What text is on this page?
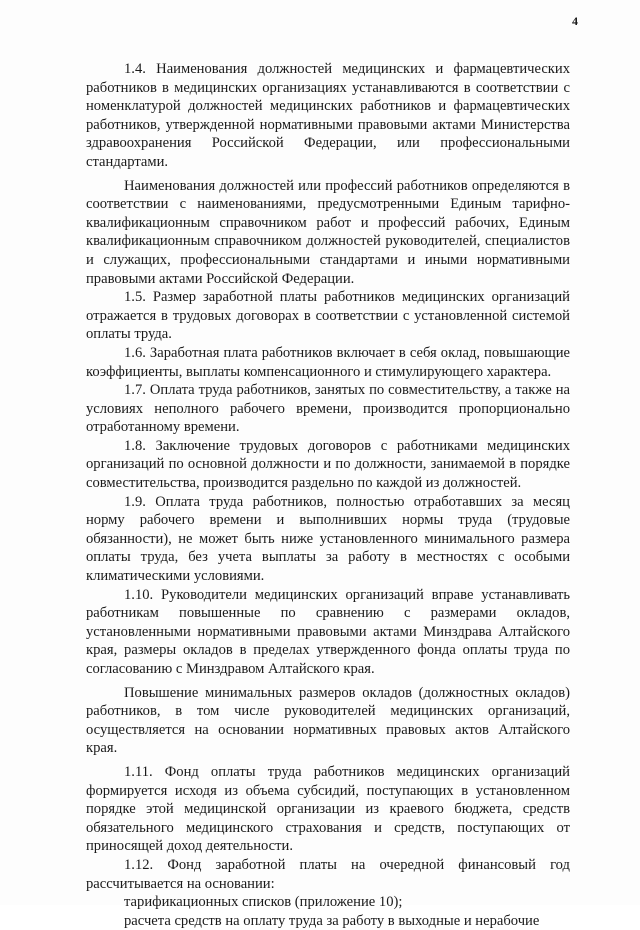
4

1.4. Наименования должностей медицинских и фармацевтических работников в медицинских организациях устанавливаются в соответствии с номенклатурой должностей медицинских работников и фармацевтических работников, утвержденной нормативными правовыми актами Министерства здравоохранения Российской Федерации, или профессиональными стандартами.

Наименования должностей или профессий работников определяются в соответствии с наименованиями, предусмотренными Единым тарифно-квалификационным справочником работ и профессий рабочих, Единым квалификационным справочником должностей руководителей, специалистов и служащих, профессиональными стандартами и иными нормативными правовыми актами Российской Федерации.

1.5. Размер заработной платы работников медицинских организаций отражается в трудовых договорах в соответствии с установленной системой оплаты труда.

1.6. Заработная плата работников включает в себя оклад, повышающие коэффициенты, выплаты компенсационного и стимулирующего характера.

1.7. Оплата труда работников, занятых по совместительству, а также на условиях неполного рабочего времени, производится пропорционально отработанному времени.

1.8. Заключение трудовых договоров с работниками медицинских организаций по основной должности и по должности, занимаемой в порядке совместительства, производится раздельно по каждой из должностей.

1.9. Оплата труда работников, полностью отработавших за месяц норму рабочего времени и выполнивших нормы труда (трудовые обязанности), не может быть ниже установленного минимального размера оплаты труда, без учета выплаты за работу в местностях с особыми климатическими условиями.

1.10. Руководители медицинских организаций вправе устанавливать работникам повышенные по сравнению с размерами окладов, установленными нормативными правовыми актами Минздрава Алтайского края, размеры окладов в пределах утвержденного фонда оплаты труда по согласованию с Минздравом Алтайского края.

Повышение минимальных размеров окладов (должностных окладов) работников, в том числе руководителей медицинских организаций, осуществляется на основании нормативных правовых актов Алтайского края.

1.11. Фонд оплаты труда работников медицинских организаций формируется исходя из объема субсидий, поступающих в установленном порядке этой медицинской организации из краевого бюджета, средств обязательного медицинского страхования и средств, поступающих от приносящей доход деятельности.

1.12. Фонд заработной платы на очередной финансовый год рассчитывается на основании:

тарификационных списков (приложение 10);

расчета средств на оплату труда за работу в выходные и нерабочие
